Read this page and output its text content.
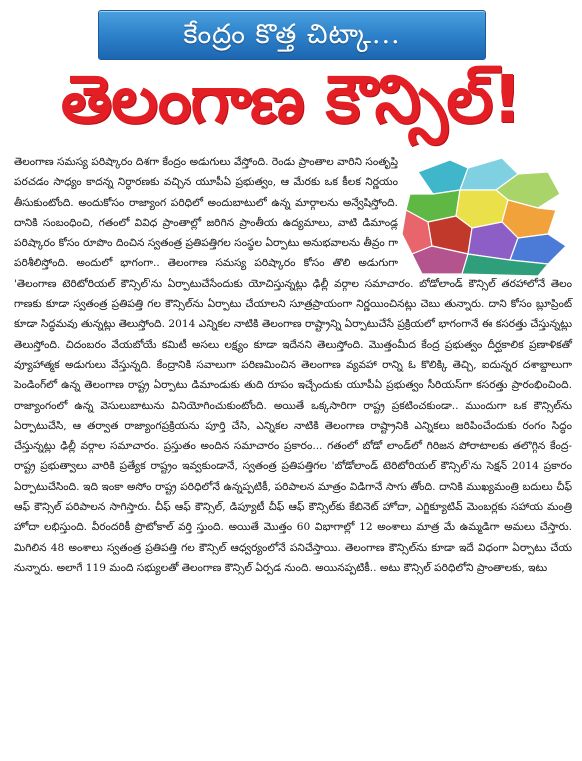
కేంద్రం కొత్త చిట్కా...
తెలంగాణ కౌన్సిల్!

తెలంగాణ సమస్య పరిష్కారం దిశగా కేంద్రం అడుగులు వేస్తోంది. రెండు ప్రాంతాల వారిని సంతృప్తి పరచడం సాధ్యం కాదన్న నిర్ధారణకు వచ్చిన యూపీఏ ప్రభుత్వం, ఆ మేరకు ఒక కీలక నిర్ణయం తీసుకుంటోంది. అందుకోసం రాజ్యాంగ పరిధిలో అందుబాటులో ఉన్న మార్గాలను అన్వేషిస్తోంది. దానికి సంబంధించి, గతంలో వివిధ ప్రాంతాల్లో జరిగిన ప్రాంతీయ ఉద్యమాలు, వాటి డిమాండ్ల పరిష్కారం కోసం రూపొం దించిన స్వతంత్ర ప్రతిపత్తిగల సంస్థల ఏర్పాటు అనుభవాలను తీవ్రం గా పరిశీలిస్తోంది. అందులో భాగంగా.. తెలంగాణ సమస్య పరిష్కారం కోసం తొలి అడుగుగా 'తెలంగాణ టెరిటోరియల్ కౌన్సిల్'ను ఏర్పాటుచేసేందుకు యోచిస్తున్నట్లు ఢిల్లీ వర్గాల సమాచారం. బోడోలాండ్ కౌన్సిల్ తరహాలోనే తెలం గాణకు కూడా స్వతంత్ర ప్రతిపత్తి గల కౌన్సిల్‌ను ఏర్పాటు చేయాలని సూత్రప్రాయంగా నిర్ణయించినట్లు చెబు తున్నారు. దాని కోసం బ్లూప్రింట్ కూడా సిద్ధమవు తున్నట్లు తెలుస్తోంది. 2014 ఎన్నికల నాటికి తెలంగాణ రాష్ట్రాన్ని ఏర్పాటుచేసే ప్రక్రియలో భాగంగానే ఈ కసరత్తు చేస్తున్నట్లు తెలుస్తోంది. చిదంబరం వేయబోయే కమిటీ అసలు లక్ష్యం కూడా ఇదేనని తెలుస్తోంది. మొత్తంమీద కేంద్ర ప్రభుత్వం దీర్ఘకాలిక ప్రణాళికతో వ్యూహాత్మక అడుగులు వేస్తున్నది. కేంద్రానికి సవాలుగా పరిణమించిన తెలంగాణ వ్యవహా రాన్ని ఓ కొలిక్కి తెచ్చి, ఐదున్నర దశాబ్దాలుగా పెండింగ్‌లో ఉన్న తెలంగాణ రాష్ట్ర ఏర్పాటు డిమాండుకు తుది రూపం ఇచ్చేందుకు యూపీఏ ప్రభుత్వం సీరియస్‌గా కసరత్తు ప్రారంభించింది. రాజ్యాంగంలో ఉన్న వెసులుబాటును వినియోగించుకుంటోంది. అయితే ఒక్కసారిగా రాష్ట్ర ప్రకటించకుండా.. ముందుగా ఒక కౌన్సిల్‌ను ఏర్పాటుచేసి, ఆ తర్వాత రాజ్యాంగప్రక్రియను పూర్తి చేసి, ఎన్నికల నాటికి తెలంగాణ రాష్ట్రానికి ఎన్నికలు జరిపించేందుకు రంగం సిద్ధం చేస్తున్నట్లు ఢిల్లీ వర్గాల సమాచారం. ప్రస్తుతం అందిన సమాచారం ప్రకారం... గతంలో బోడో లాండ్‌లో గిరిజన పోరాటాలకు తలొగ్గిన కేంద్ర-రాష్ట్ర ప్రభుత్వాలు వారికి ప్రత్యేక రాష్ట్రం ఇవ్వకుండానే, స్వతంత్ర ప్రతిపత్తిగల 'బోడోలాండ్ టెరిటోరియల్ కౌన్సిల్'ను సెక్షన్ 2014 ప్రకారం ఏర్పాటుచేసింది. ఇది ఇంకా అసోం రాష్ట్ర పరిధిలోనే ఉన్నప్పటికీ, పరిపాలన మాత్రం విడిగానే సాగు తోంది. దానికి ముఖ్యమంత్రి బదులు చీఫ్ ఆఫ్ కౌన్సిల్ పరిపాలన సాగిస్తారు. చీఫ్ ఆఫ్ కౌన్సిల్, డిప్యూటీ చీఫ్ ఆఫ్ కౌన్సిల్‌కు కేబినెట్ హోదా, ఎగ్జిక్యూటివ్ మెంబర్లకు సహాయ మంత్రి హోదా లభిస్తుంది. వీరందరికీ ప్రొటోకాల్ వర్తి స్తుంది. అయితే మొత్తం 60 విభాగాల్లో 12 అంశాలు మాత్ర మే ఉమ్మడిగా అమలు చేస్తారు. మిగిలిన 48 అంశాలు స్వతంత్ర ప్రతిపత్తి గల కౌన్సిల్ ఆధ్వర్యంలోనే పనిచేస్తాయి. తెలంగాణ కౌన్సిల్‌ను కూడా ఇదే విధంగా ఏర్పాటు చేయ నున్నారు. అలాగే 119 మంది సభ్యులతో తెలంగాణ కౌన్సిల్ ఏర్పడ నుంది. అయినప్పటికీ.. అటు కౌన్సిల్ పరిధిలోని ప్రాంతాలకు, ఇటు
